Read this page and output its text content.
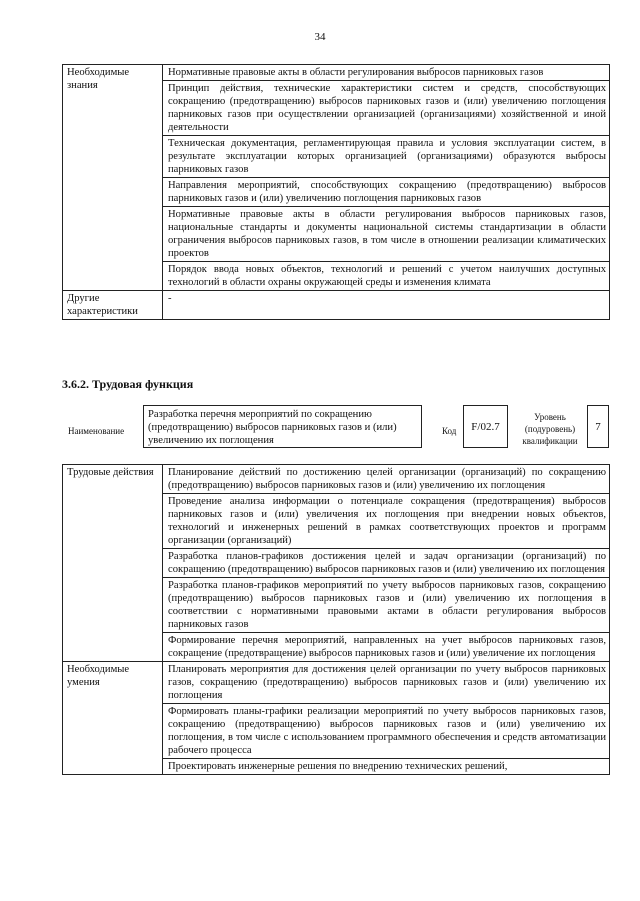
34
Необходимые знания	Нормативные правовые акты в области регулирования выбросов парниковых газов
	Принцип действия, технические характеристики систем и средств, способствующих сокращению (предотвращению) выбросов парниковых газов и (или) увеличению поглощения парниковых газов при осуществлении организацией (организациями) хозяйственной и иной деятельности
	Техническая документация, регламентирующая правила и условия эксплуатации систем, в результате эксплуатации которых организацией (организациями) образуются выбросы парниковых газов
	Направления мероприятий, способствующих сокращению (предотвращению) выбросов парниковых газов и (или) увеличению поглощения парниковых газов
	Нормативные правовые акты в области регулирования выбросов парниковых газов, национальные стандарты и документы национальной системы стандартизации в области ограничения выбросов парниковых газов, в том числе в отношении реализации климатических проектов
	Порядок ввода новых объектов, технологий и решений с учетом наилучших доступных технологий в области охраны окружающей среды и изменения климата
Другие характеристики	-
3.6.2. Трудовая функция
Наименование
Разработка перечня мероприятий по сокращению (предотвращению) выбросов парниковых газов и (или) увеличению их поглощения
Код	F/02.7
Уровень (подуровень) квалификации
7
Трудовые действия	Планирование действий по достижению целей организации (организаций) по сокращению (предотвращению) выбросов парниковых газов и (или) увеличению их поглощения
	Проведение анализа информации о потенциале сокращения (предотвращения) выбросов парниковых газов и (или) увеличения их поглощения при внедрении новых объектов, технологий и инженерных решений в рамках соответствующих проектов и программ организации (организаций)
	Разработка планов-графиков достижения целей и задач организации (организаций) по сокращению (предотвращению) выбросов парниковых газов и (или) увеличению их поглощения
	Разработка планов-графиков мероприятий по учету выбросов парниковых газов, сокращению (предотвращению) выбросов парниковых газов и (или) увеличению их поглощения в соответствии с нормативными правовыми актами в области регулирования выбросов парниковых газов
	Формирование перечня мероприятий, направленных на учет выбросов парниковых газов, сокращение (предотвращение) выбросов парниковых газов и (или) увеличение их поглощения
Необходимые умения	Планировать мероприятия для достижения целей организации по учету выбросов парниковых газов, сокращению (предотвращению) выбросов парниковых газов и (или) увеличению их поглощения
	Формировать планы-графики реализации мероприятий по учету выбросов парниковых газов, сокращению (предотвращению) выбросов парниковых газов и (или) увеличению их поглощения, в том числе с использованием программного обеспечения и средств автоматизации рабочего процесса
	Проектировать инженерные решения по внедрению технических решений,
